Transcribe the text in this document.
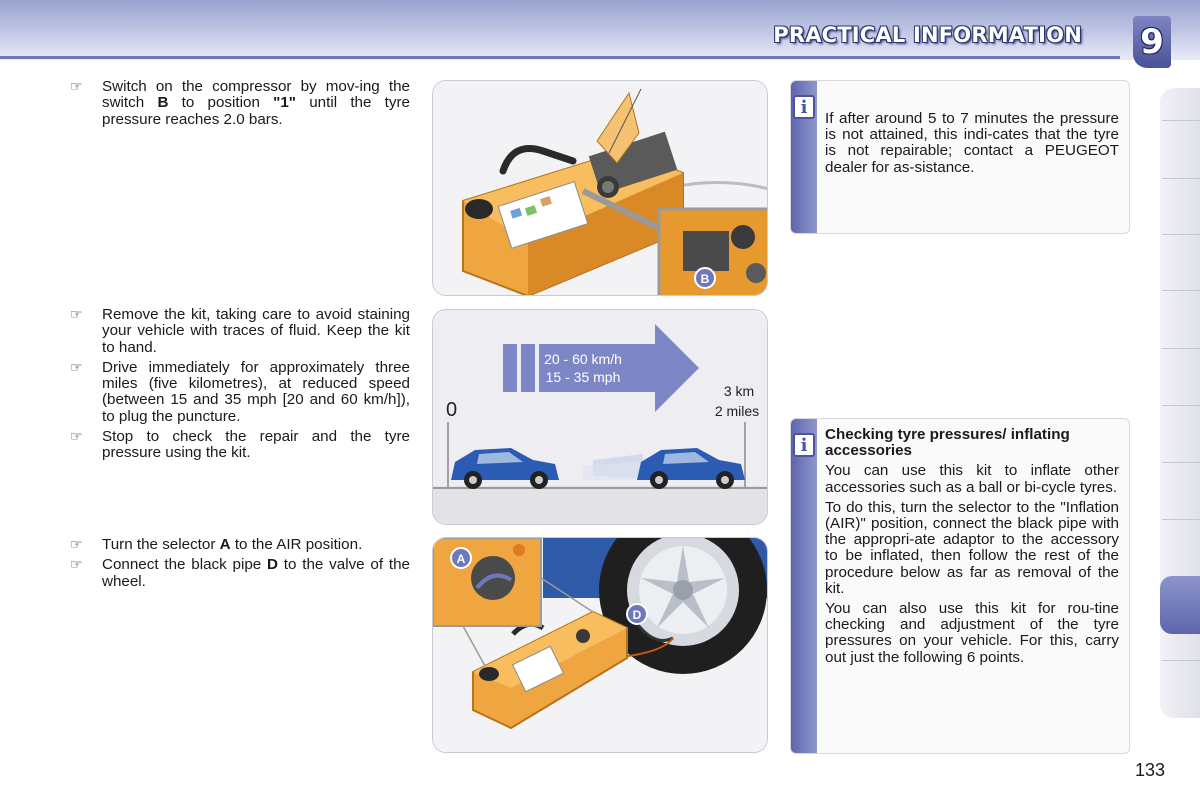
PRACTICAL INFORMATION 9
☞ Switch on the compressor by mov-ing the switch B to position "1" until the tyre pressure reaches 2.0 bars.
☞ Remove the kit, taking care to avoid staining your vehicle with traces of fluid. Keep the kit to hand.
☞ Drive immediately for approximately three miles (five kilometres), at reduced speed (between 15 and 35 mph [20 and 60 km/h]), to plug the puncture.
☞ Stop to check the repair and the tyre pressure using the kit.
☞ Turn the selector A to the AIR position.
☞ Connect the black pipe D to the valve of the wheel.
B
20 - 60 km/h
15 - 35 mph
0
3 km
2 miles
A
D
i
If after around 5 to 7 minutes the pressure is not attained, this indi-cates that the tyre is not repairable; contact a PEUGEOT dealer for as-sistance.
i	Checking tyre pressures/ inflating accessories

You can use this kit to inflate other accessories such as a ball or bi-cycle tyres.

To do this, turn the selector to the "Inflation (AIR)" position, connect the black pipe with the appropri-ate adaptor to the accessory to be inflated, then follow the rest of the procedure below as far as removal of the kit.

You can also use this kit for rou-tine checking and adjustment of the tyre pressures on your vehicle. For this, carry out just the following 6 points.

133
